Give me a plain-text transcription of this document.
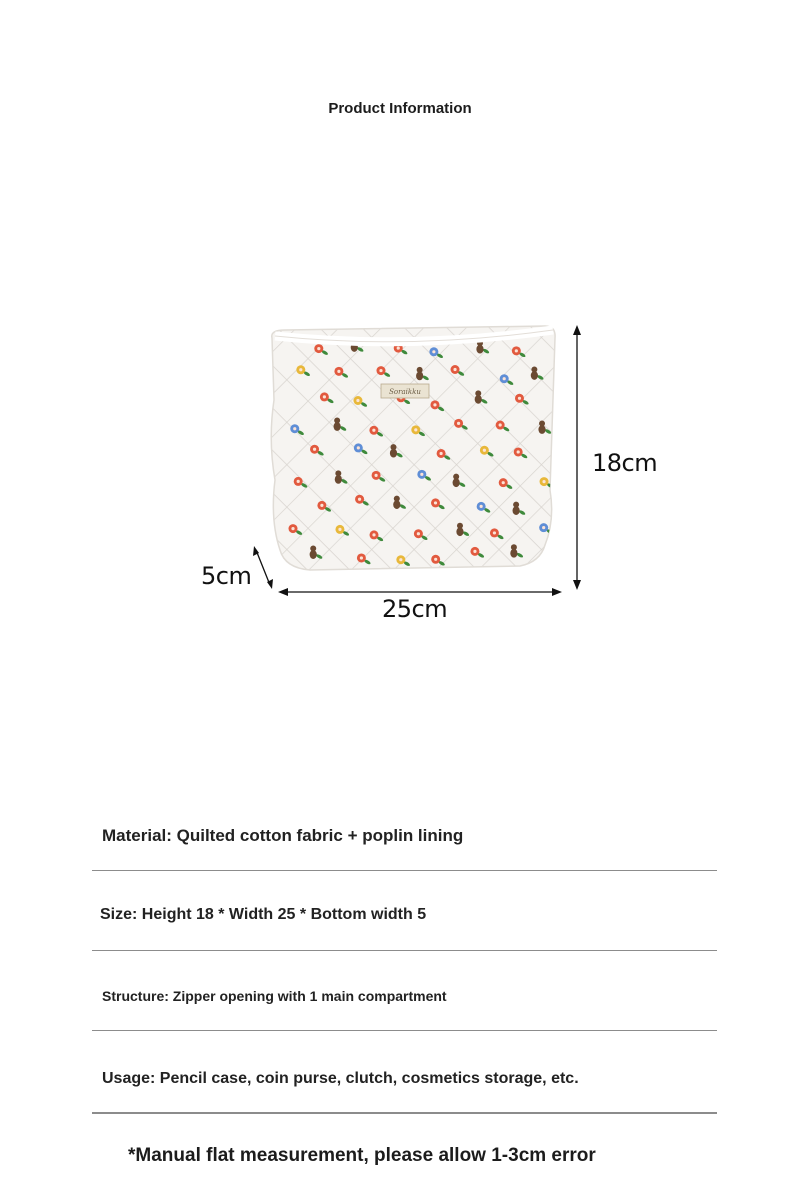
Product Information
Soraikku
18cm
25cm
5cm
Material: Quilted cotton fabric + poplin lining
Size: Height 18 * Width 25 * Bottom width 5
Structure: Zipper opening with 1 main compartment
Usage: Pencil case, coin purse, clutch, cosmetics storage, etc.
*Manual flat measurement, please allow 1-3cm error
